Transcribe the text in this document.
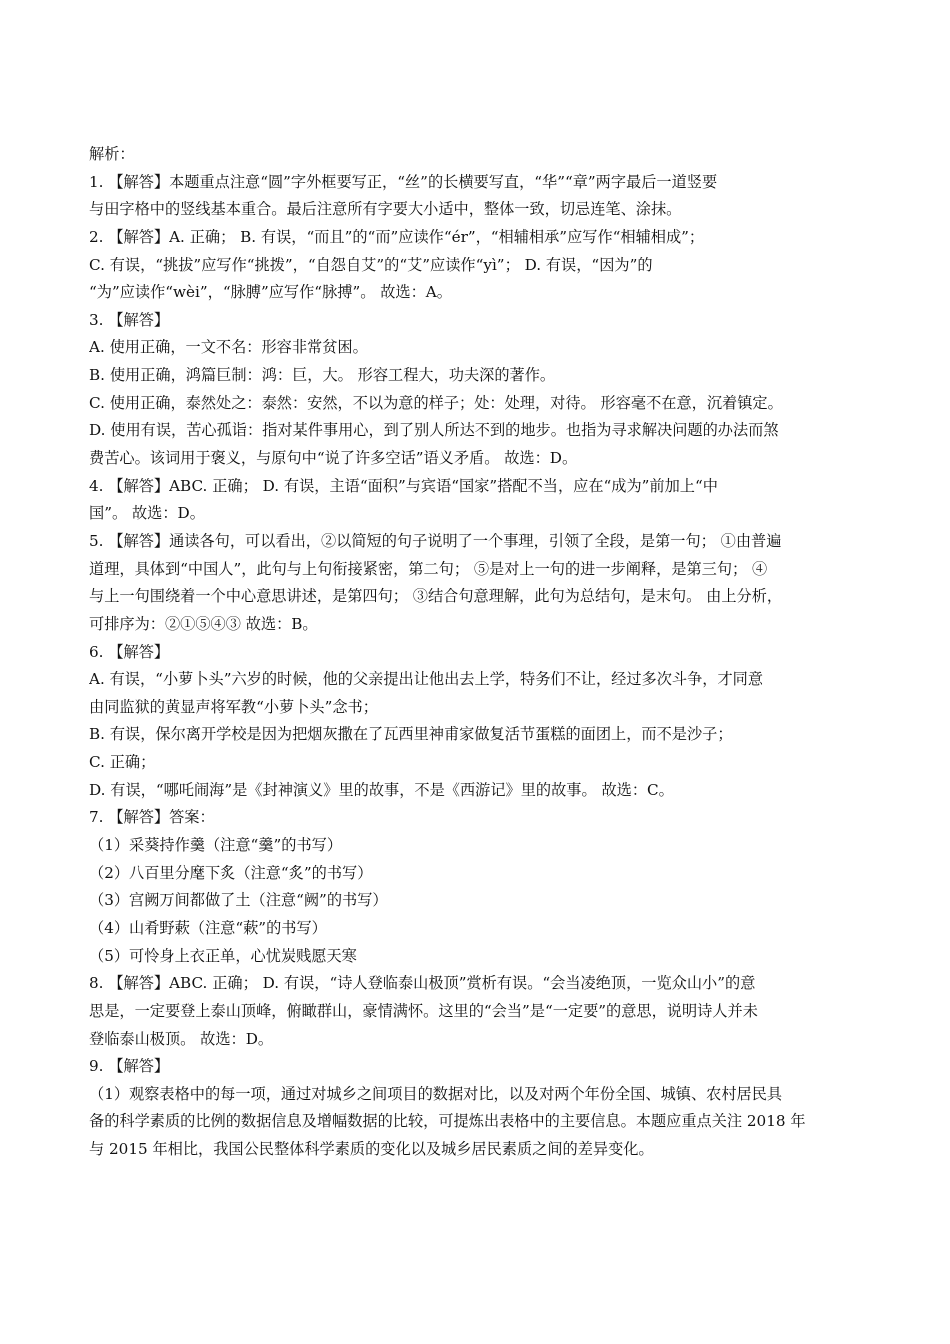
解析：
1. 【解答】本题重点注意“圆”字外框要写正，“丝”的长横要写直，“华”“章”两字最后一道竖要
与田字格中的竖线基本重合。最后注意所有字要大小适中，整体一致，切忌连笔、涂抹。
2. 【解答】A. 正确； B. 有误，“而且”的“而”应读作“ér”，“相辅相承”应写作“相辅相成”；
C. 有误，“挑拔”应写作“挑拨”，“自怨自艾”的“艾”应读作“yì”； D. 有误，“因为”的
“为”应读作“wèi”，“脉膊”应写作“脉搏”。 故选：A。
3. 【解答】
A. 使用正确，一文不名：形容非常贫困。
B. 使用正确，鸿篇巨制：鸿：巨，大。 形容工程大，功夫深的著作。
C. 使用正确，泰然处之：泰然：安然，不以为意的样子；处：处理，对待。 形容毫不在意，沉着镇定。
D. 使用有误，苦心孤诣：指对某件事用心，到了别人所达不到的地步。也指为寻求解决问题的办法而煞
费苦心。该词用于褒义，与原句中“说了许多空话”语义矛盾。 故选：D。
4. 【解答】ABC. 正确； D. 有误，主语“面积”与宾语“国家”搭配不当，应在“成为”前加上“中
国”。 故选：D。
5. 【解答】通读各句，可以看出，②以简短的句子说明了一个事理，引领了全段，是第一句； ①由普遍
道理，具体到“中国人”，此句与上句衔接紧密，第二句； ⑤是对上一句的进一步阐释，是第三句； ④
与上一句围绕着一个中心意思讲述，是第四句； ③结合句意理解，此句为总结句，是末句。 由上分析，
可排序为：②①⑤④③ 故选：B。
6. 【解答】
A. 有误，“小萝卜头”六岁的时候，他的父亲提出让他出去上学，特务们不让，经过多次斗争，才同意
由同监狱的黄显声将军教“小萝卜头”念书；
B. 有误，保尔离开学校是因为把烟灰撒在了瓦西里神甫家做复活节蛋糕的面团上，而不是沙子；
C. 正确；
D. 有误，“哪吒闹海”是《封神演义》里的故事，不是《西游记》里的故事。 故选：C。
7. 【解答】答案：
（1）采葵持作羹（注意“羹”的书写）
（2）八百里分麾下炙（注意“炙”的书写）
（3）宫阙万间都做了土（注意“阙”的书写）
（4）山肴野蔌（注意“蔌”的书写）
（5）可怜身上衣正单，心忧炭贱愿天寒
8. 【解答】ABC. 正确； D. 有误，“诗人登临泰山极顶”赏析有误。“会当凌绝顶，一览众山小”的意
思是，一定要登上泰山顶峰，俯瞰群山，豪情满怀。这里的“会当”是“一定要”的意思，说明诗人并未
登临泰山极顶。 故选：D。
9. 【解答】
（1）观察表格中的每一项，通过对城乡之间项目的数据对比，以及对两个年份全国、城镇、农村居民具
备的科学素质的比例的数据信息及增幅数据的比较，可提炼出表格中的主要信息。本题应重点关注 2018 年
与 2015 年相比，我国公民整体科学素质的变化以及城乡居民素质之间的差异变化。
